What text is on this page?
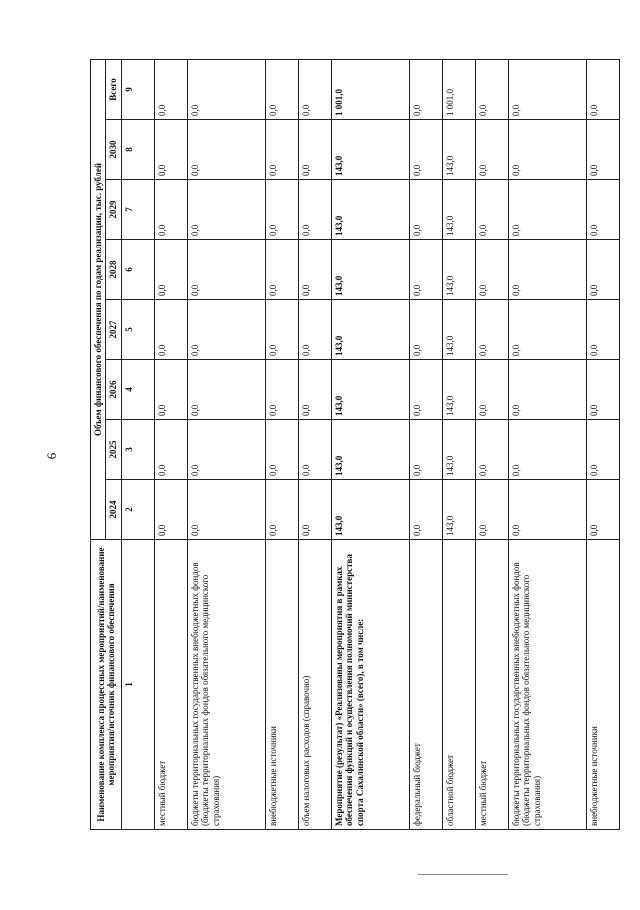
6
Наименование комплекса процессных мероприятий/наименование мероприятия/источник финансового обеспечения	Объем финансового обеспечения по годам реализации, тыс. рублей							
	2024	2025	2026	2027	2028	2029	2030	Всего
1	2	3	4	5	6	7	8	9
местный бюджет	0,0	0,0	0,0	0,0	0,0	0,0	0,0	0,0
бюджеты территориальных государственных внебюджетных фондов (бюджеты территориальных фондов обязательного медицинского страхования)	0,0	0,0	0,0	0,0	0,0	0,0	0,0	0,0
внебюджетные источники	0,0	0,0	0,0	0,0	0,0	0,0	0,0	0,0
объем налоговых расходов (справочно)	0,0	0,0	0,0	0,0	0,0	0,0	0,0	0,0
Мероприятие (результат) «Реализованы мероприятия в рамках обеспечения функций и осуществления полномочий министерства спорта Сахалинской области» (всего), в том числе:	143,0	143,0	143,0	143,0	143,0	143,0	143,0	1 001,0
федеральный бюджет	0,0	0,0	0,0	0,0	0,0	0,0	0,0	0,0
областной бюджет	143,0	143,0	143,0	143,0	143,0	143,0	143,0	1 001,0
местный бюджет	0,0	0,0	0,0	0,0	0,0	0,0	0,0	0,0
бюджеты территориальных государственных внебюджетных фондов (бюджеты территориальных фондов обязательного медицинского страхования)	0,0	0,0	0,0	0,0	0,0	0,0	0,0	0,0
внебюджетные источники	0,0	0,0	0,0	0,0	0,0	0,0	0,0	0,0
